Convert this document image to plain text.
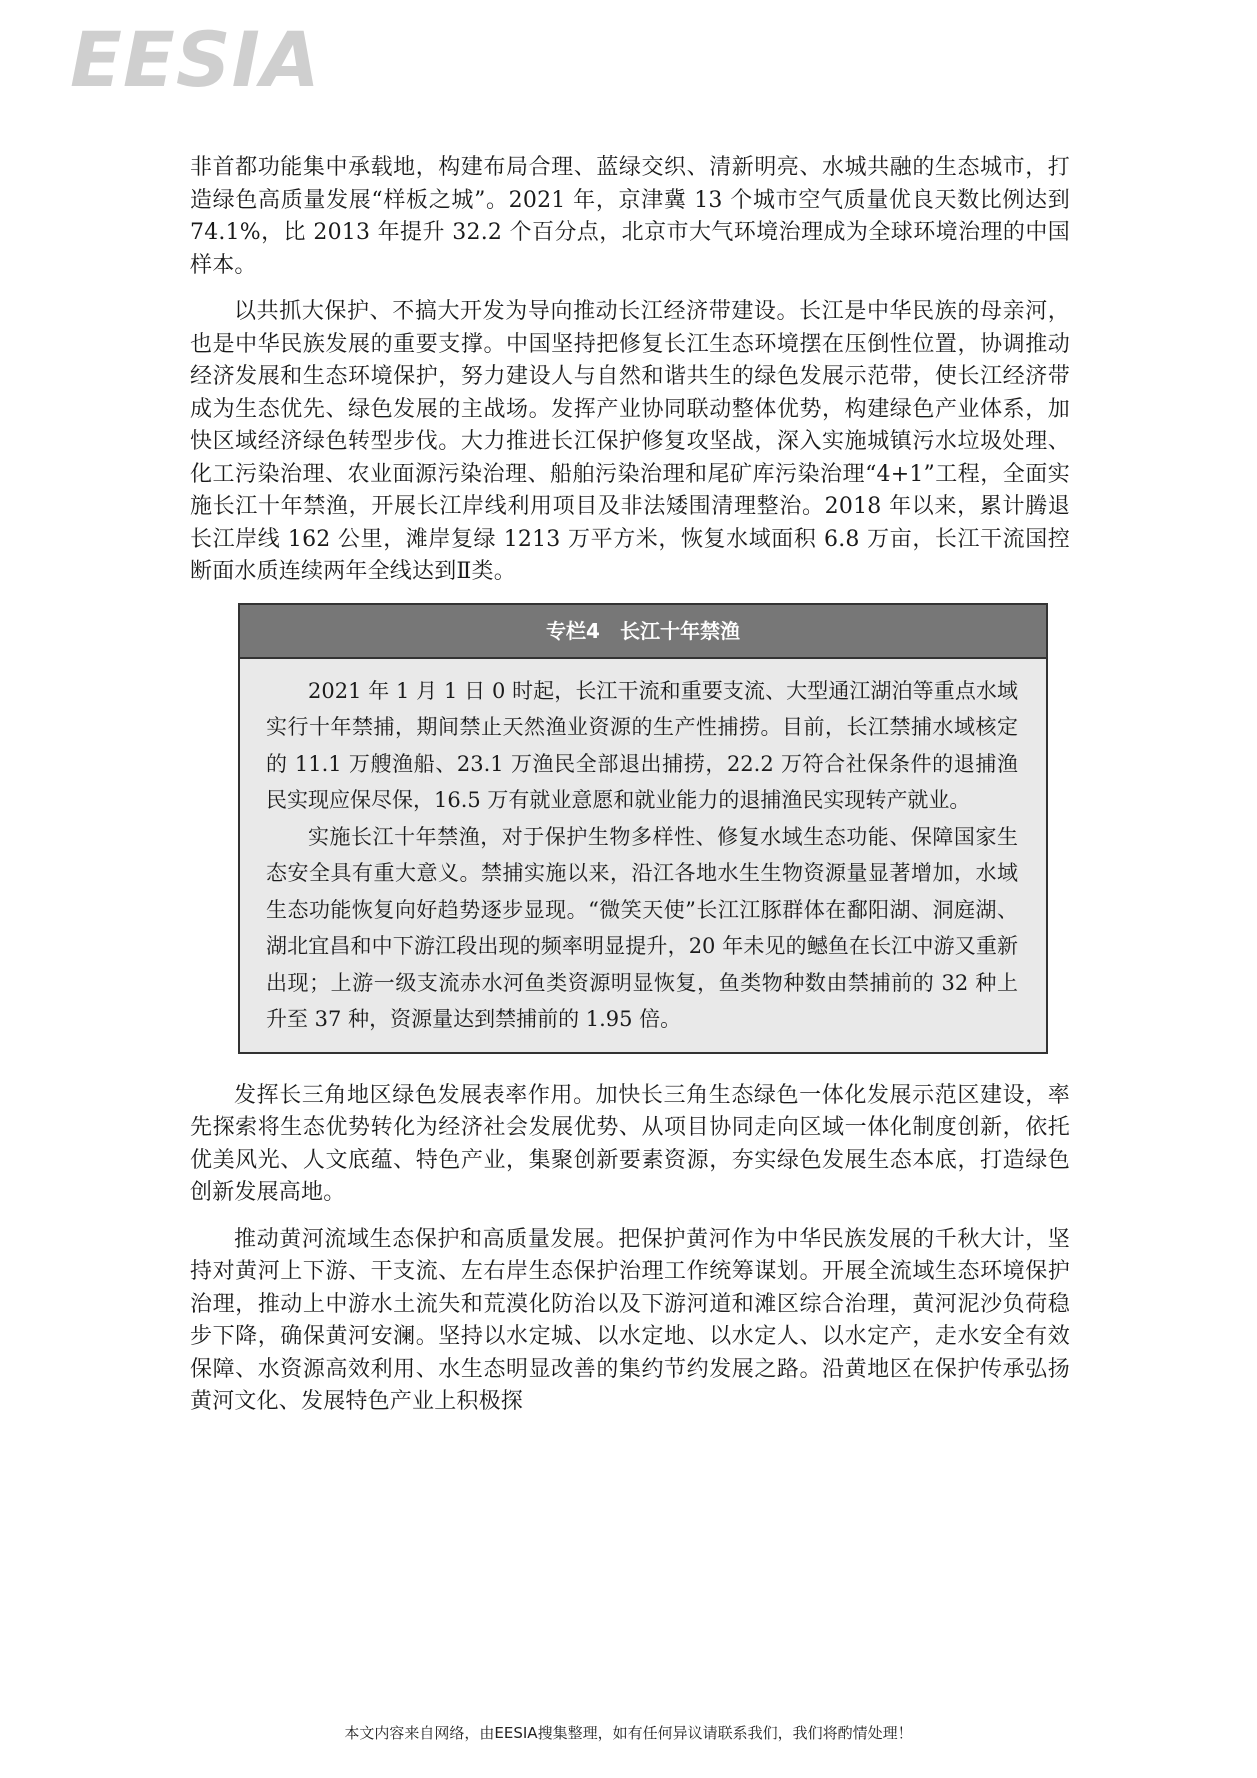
EESIA

非首都功能集中承载地，构建布局合理、蓝绿交织、清新明亮、水城共融的生态城市，打造绿色高质量发展“样板之城”。2021 年，京津冀 13 个城市空气质量优良天数比例达到 74.1%，比 2013 年提升 32.2 个百分点，北京市大气环境治理成为全球环境治理的中国样本。

以共抓大保护、不搞大开发为导向推动长江经济带建设。长江是中华民族的母亲河，也是中华民族发展的重要支撑。中国坚持把修复长江生态环境摆在压倒性位置，协调推动经济发展和生态环境保护，努力建设人与自然和谐共生的绿色发展示范带，使长江经济带成为生态优先、绿色发展的主战场。发挥产业协同联动整体优势，构建绿色产业体系，加快区域经济绿色转型步伐。大力推进长江保护修复攻坚战，深入实施城镇污水垃圾处理、化工污染治理、农业面源污染治理、船舶污染治理和尾矿库污染治理“4+1”工程，全面实施长江十年禁渔，开展长江岸线利用项目及非法矮围清理整治。2018 年以来，累计腾退长江岸线 162 公里，滩岸复绿 1213 万平方米，恢复水域面积 6.8 万亩，长江干流国控断面水质连续两年全线达到Ⅱ类。

专栏4　长江十年禁渔

2021 年 1 月 1 日 0 时起，长江干流和重要支流、大型通江湖泊等重点水域实行十年禁捕，期间禁止天然渔业资源的生产性捕捞。目前，长江禁捕水域核定的 11.1 万艘渔船、23.1 万渔民全部退出捕捞，22.2 万符合社保条件的退捕渔民实现应保尽保，16.5 万有就业意愿和就业能力的退捕渔民实现转产就业。

实施长江十年禁渔，对于保护生物多样性、修复水域生态功能、保障国家生态安全具有重大意义。禁捕实施以来，沿江各地水生生物资源量显著增加，水域生态功能恢复向好趋势逐步显现。“微笑天使”长江江豚群体在鄱阳湖、洞庭湖、湖北宜昌和中下游江段出现的频率明显提升，20 年未见的鳡鱼在长江中游又重新出现；上游一级支流赤水河鱼类资源明显恢复，鱼类物种数由禁捕前的 32 种上升至 37 种，资源量达到禁捕前的 1.95 倍。

发挥长三角地区绿色发展表率作用。加快长三角生态绿色一体化发展示范区建设，率先探索将生态优势转化为经济社会发展优势、从项目协同走向区域一体化制度创新，依托优美风光、人文底蕴、特色产业，集聚创新要素资源，夯实绿色发展生态本底，打造绿色创新发展高地。

推动黄河流域生态保护和高质量发展。把保护黄河作为中华民族发展的千秋大计，坚持对黄河上下游、干支流、左右岸生态保护治理工作统筹谋划。开展全流域生态环境保护治理，推动上中游水土流失和荒漠化防治以及下游河道和滩区综合治理，黄河泥沙负荷稳步下降，确保黄河安澜。坚持以水定城、以水定地、以水定人、以水定产，走水安全有效保障、水资源高效利用、水生态明显改善的集约节约发展之路。沿黄地区在保护传承弘扬黄河文化、发展特色产业上积极探

本文内容来自网络，由EESIA搜集整理，如有任何异议请联系我们，我们将酌情处理！
